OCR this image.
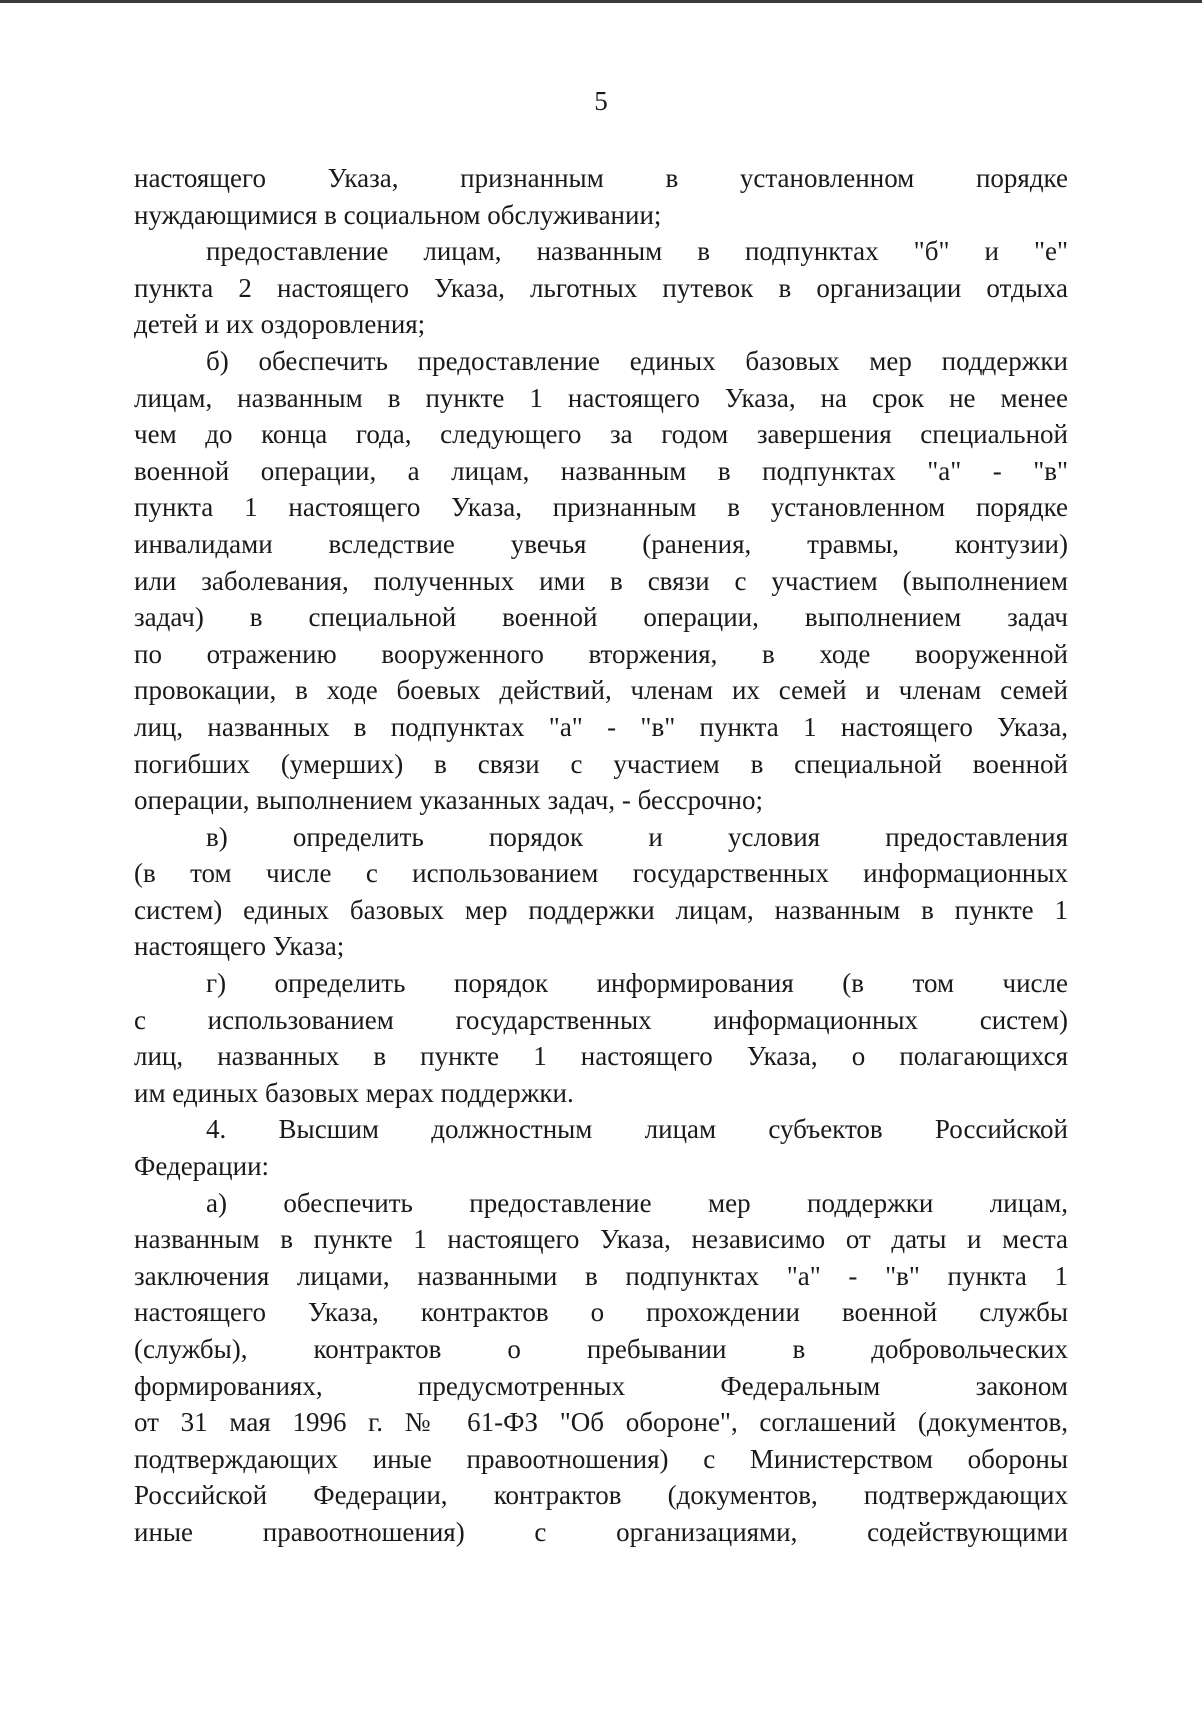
5
настоящего Указа, признанным в установленном порядке
нуждающимися в социальном обслуживании;
предоставление лицам, названным в подпунктах "б" и "е"
пункта 2 настоящего Указа, льготных путевок в организации отдыха
детей и их оздоровления;
б) обеспечить предоставление единых базовых мер поддержки
лицам, названным в пункте 1 настоящего Указа, на срок не менее
чем до конца года, следующего за годом завершения специальной
военной операции, а лицам, названным в подпунктах "а" - "в"
пункта 1 настоящего Указа, признанным в установленном порядке
инвалидами вследствие увечья (ранения, травмы, контузии)
или заболевания, полученных ими в связи с участием (выполнением
задач) в специальной военной операции, выполнением задач
по отражению вооруженного вторжения, в ходе вооруженной
провокации, в ходе боевых действий, членам их семей и членам семей
лиц, названных в подпунктах "а" - "в" пункта 1 настоящего Указа,
погибших (умерших) в связи с участием в специальной военной
операции, выполнением указанных задач, - бессрочно;
в) определить порядок и условия предоставления
(в том числе с использованием государственных информационных
систем) единых базовых мер поддержки лицам, названным в пункте 1
настоящего Указа;
г) определить порядок информирования (в том числе
с использованием государственных информационных систем)
лиц, названных в пункте 1 настоящего Указа, о полагающихся
им единых базовых мерах поддержки.
4. Высшим должностным лицам субъектов Российской
Федерации:
а) обеспечить предоставление мер поддержки лицам,
названным в пункте 1 настоящего Указа, независимо от даты и места
заключения лицами, названными в подпунктах "а" - "в" пункта 1
настоящего Указа, контрактов о прохождении военной службы
(службы), контрактов о пребывании в добровольческих
формированиях, предусмотренных Федеральным законом
от 31 мая 1996 г. № 61-ФЗ "Об обороне", соглашений (документов,
подтверждающих иные правоотношения) с Министерством обороны
Российской Федерации, контрактов (документов, подтверждающих
иные правоотношения) с организациями, содействующими
